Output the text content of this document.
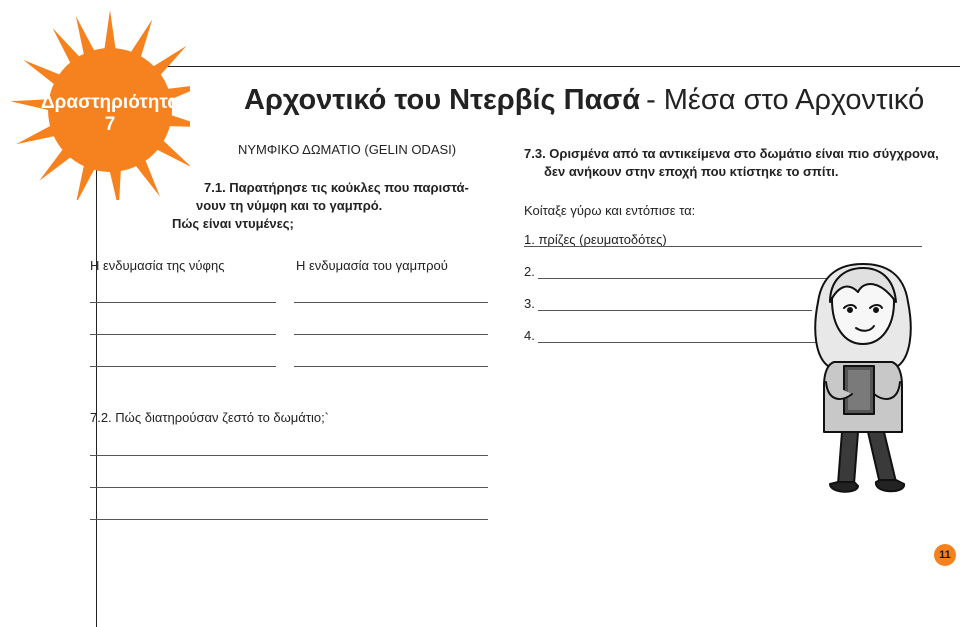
Δραστηριότητα
7
Αρχοντικό του Ντερβίς Πασά - Μέσα στο Αρχοντικό
ΝΥΜΦΙΚΟ ΔΩΜΑΤΙΟ (GELIN ODASI)
7.1. Παρατήρησε τις κούκλες που παριστά-
νουν τη νύμφη και το γαμπρό.
Πώς είναι ντυμένες;
Η ενδυμασία της νύφης	Η ενδυμασία του γαμπρού
7.2. Πώς διατηρούσαν ζεστό το δωμάτιο;`
7.3. Ορισμένα από τα αντικείμενα στο δωμάτιο είναι πιο σύγχρονα,
δεν ανήκουν στην εποχή που κτίστηκε το σπίτι.
Κοίταξε γύρω και εντόπισε τα:
1. πρίζες (ρευματοδότες)
2.
3.
4.
11
